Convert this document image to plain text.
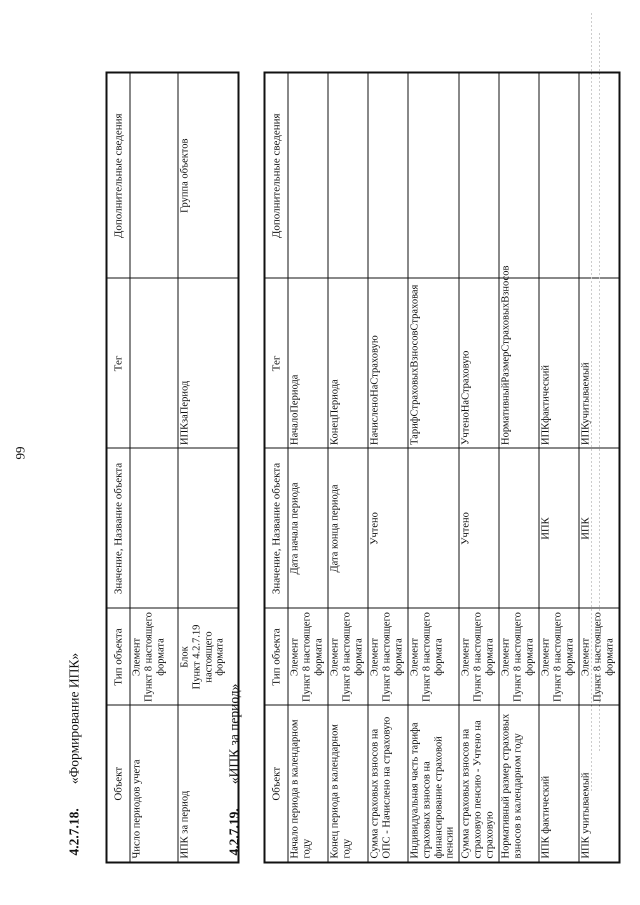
99
4.2.7.18. «Формирование ИПК»	Объект	Тип объекта	Значение, Название объекта	Тег	Дополнительные сведения
Число периодов учета	Элемент
Пункт 8 настоящего
формата			
ИПК за период	Блок
Пункт 4.2.7.19
настоящего формата		ИПКзаПериод	Группа объектов
4.2.7.19. «ИПК за период»	Объект	Тип объекта	Значение, Название объекта	Тег	Дополнительные сведения
Начало периода в календарном году	Элемент
Пункт 8 настоящего
формата	Дата начала периода	НачалоПериода	
Конец периода в календарном году	Элемент
Пункт 8 настоящего
формата	Дата конца периода	КонецПериода	
Сумма страховых взносов на ОПС - Начислено на страховую	Элемент
Пункт 8 настоящего
формата	Учтено	НачисленоНаСтраховую	
Индивидуальная часть тарифа страховых взносов на финансирование страховой пенсии	Элемент
Пункт 8 настоящего
формата		ТарифСтраховыхВзносовСтраховая	
Сумма страховых взносов на страховую пенсию - Учтено на страховую	Элемент
Пункт 8 настоящего
формата	Учтено	УчтеноНаСтраховую	
Нормативный размер страховых взносов в календарном году	Элемент
Пункт 8 настоящего
формата		НормативныйРазмерСтраховыхВзносов	
ИПК фактический	Элемент
Пункт 8 настоящего
формата	ИПК	ИПКфактический	
ИПК учитываемый	Элемент
Пункт 8 настоящего
формата	ИПК	ИПКучитываемый	
